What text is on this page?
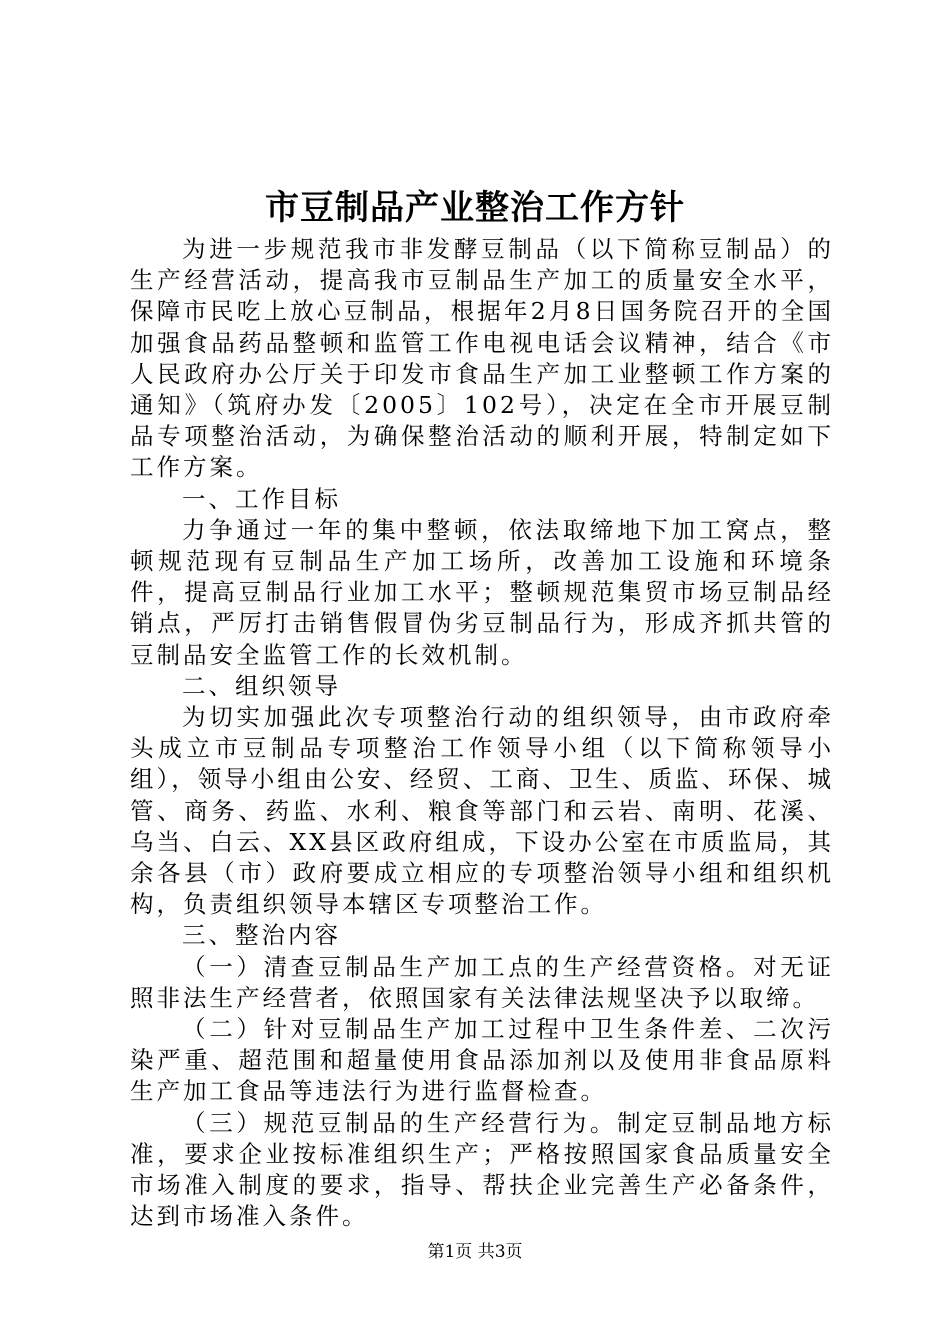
市豆制品产业整治工作方针

为进一步规范我市非发酵豆制品（以下简称豆制品）的生产经营活动，提高我市豆制品生产加工的质量安全水平，保障市民吃上放心豆制品，根据年2月8日国务院召开的全国加强食品药品整顿和监管工作电视电话会议精神，结合《市人民政府办公厅关于印发市食品生产加工业整顿工作方案的通知》（筑府办发〔2005〕102号），决定在全市开展豆制品专项整治活动，为确保整治活动的顺利开展，特制定如下工作方案。

一、工作目标

力争通过一年的集中整顿，依法取缔地下加工窝点，整顿规范现有豆制品生产加工场所，改善加工设施和环境条件，提高豆制品行业加工水平；整顿规范集贸市场豆制品经销点，严厉打击销售假冒伪劣豆制品行为，形成齐抓共管的豆制品安全监管工作的长效机制。

二、组织领导

为切实加强此次专项整治行动的组织领导，由市政府牵头成立市豆制品专项整治工作领导小组（以下简称领导小组），领导小组由公安、经贸、工商、卫生、质监、环保、城管、商务、药监、水利、粮食等部门和云岩、南明、花溪、乌当、白云、XX县区政府组成，下设办公室在市质监局，其余各县（市）政府要成立相应的专项整治领导小组和组织机构，负责组织领导本辖区专项整治工作。

三、整治内容

（一）清查豆制品生产加工点的生产经营资格。对无证照非法生产经营者，依照国家有关法律法规坚决予以取缔。

（二）针对豆制品生产加工过程中卫生条件差、二次污染严重、超范围和超量使用食品添加剂以及使用非食品原料生产加工食品等违法行为进行监督检查。

（三）规范豆制品的生产经营行为。制定豆制品地方标准，要求企业按标准组织生产；严格按照国家食品质量安全市场准入制度的要求，指导、帮扶企业完善生产必备条件，达到市场准入条件。

第1页 共3页
